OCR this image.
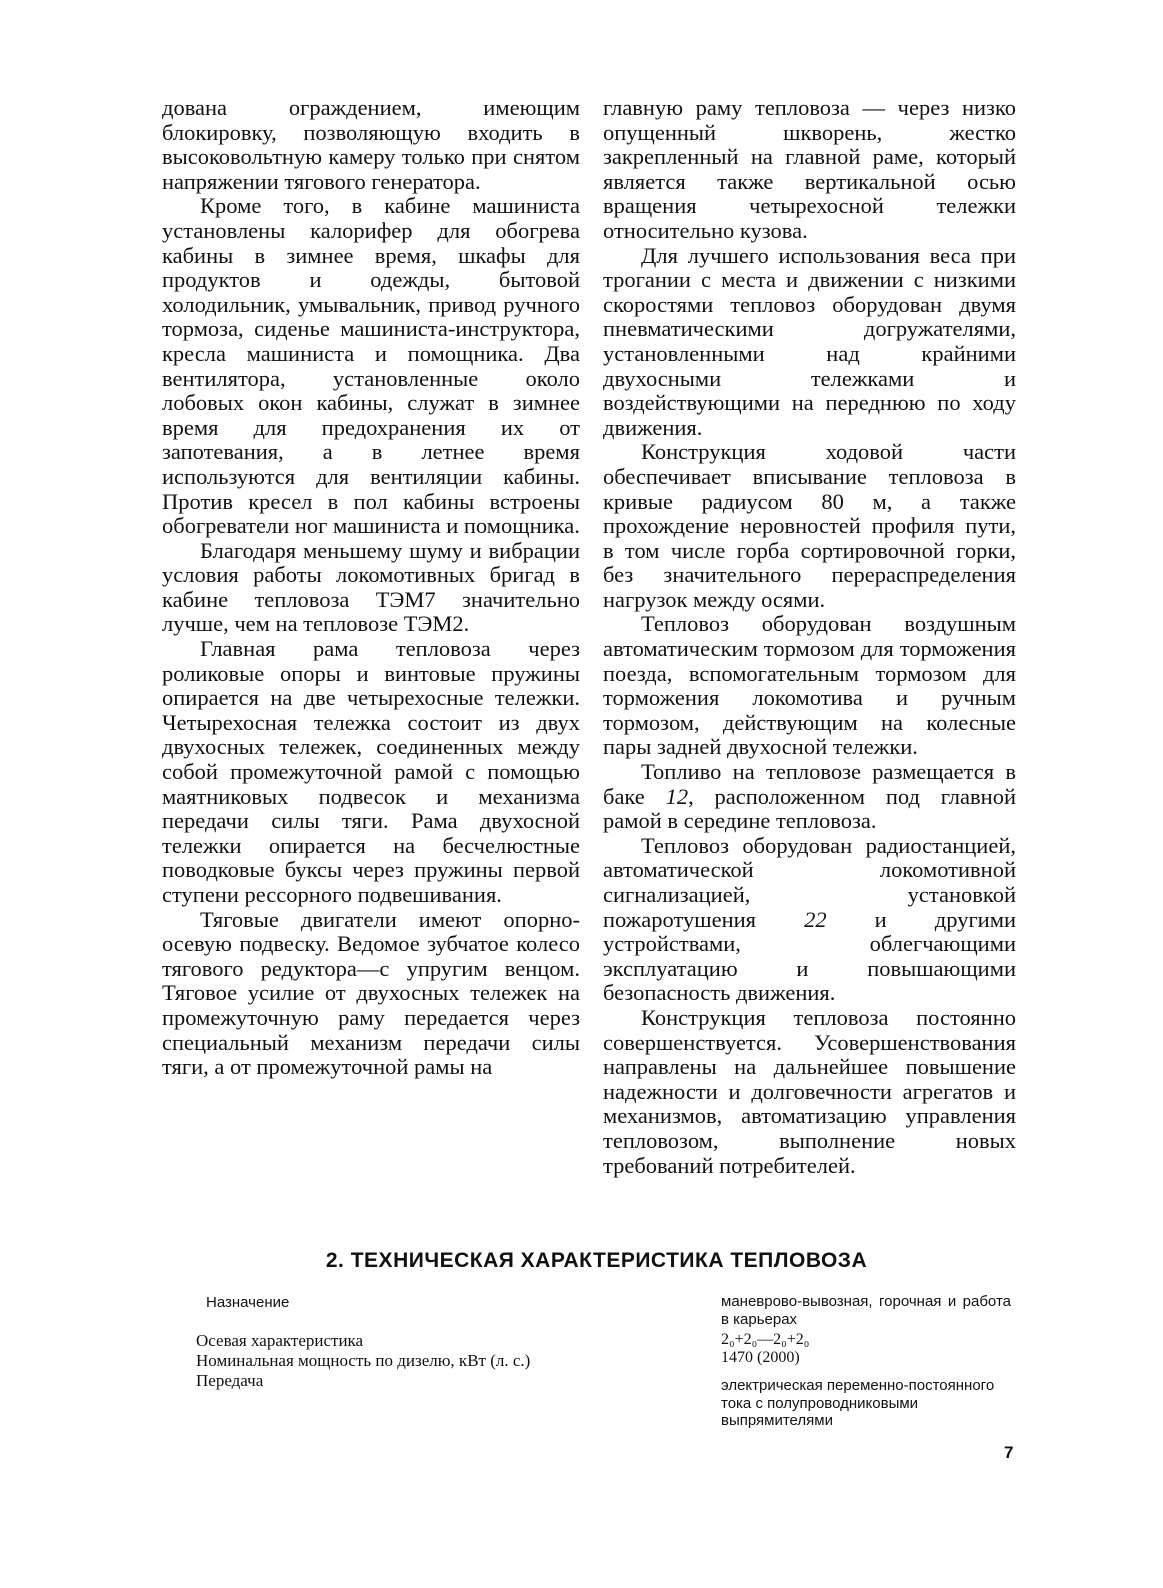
дована ограждением, имеющим блокировку, позволяющую входить в высоковольтную камеру только при снятом напряжении тягового генератора.

Кроме того, в кабине машиниста установлены калорифер для обогрева кабины в зимнее время, шкафы для продуктов и одежды, бытовой холодильник, умывальник, привод ручного тормоза, сиденье машиниста-инструктора, кресла машиниста и помощника. Два вентилятора, установленные около лобовых окон кабины, служат в зимнее время для предохранения их от запотевания, а в летнее время используются для вентиляции кабины. Против кресел в пол кабины встроены обогреватели ног машиниста и помощника.

Благодаря меньшему шуму и вибрации условия работы локомотивных бригад в кабине тепловоза ТЭМ7 значительно лучше, чем на тепловозе ТЭМ2.

Главная рама тепловоза через роликовые опоры и винтовые пружины опирается на две четырехосные тележки. Четырехосная тележка состоит из двух двухосных тележек, соединенных между собой промежуточной рамой с помощью маятниковых подвесок и механизма передачи силы тяги. Рама двухосной тележки опирается на бесчелюстные поводковые буксы через пружины первой ступени рессорного подвешивания.

Тяговые двигатели имеют опорно-осевую подвеску. Ведомое зубчатое колесо тягового редуктора—с упругим венцом. Тяговое усилие от двухосных тележек на промежуточную раму передается через специальный механизм передачи силы тяги, а от промежуточной рамы на

главную раму тепловоза — через низко опущенный шкворень, жестко закрепленный на главной раме, который является также вертикальной осью вращения четырехосной тележки относительно кузова.

Для лучшего использования веса при трогании с места и движении с низкими скоростями тепловоз оборудован двумя пневматическими догружателями, установленными над крайними двухосными тележками и воздействующими на переднюю по ходу движения.

Конструкция ходовой части обеспечивает вписывание тепловоза в кривые радиусом 80 м, а также прохождение неровностей профиля пути, в том числе горба сортировочной горки, без значительного перераспределения нагрузок между осями.

Тепловоз оборудован воздушным автоматическим тормозом для торможения поезда, вспомогательным тормозом для торможения локомотива и ручным тормозом, действующим на колесные пары задней двухосной тележки.

Топливо на тепловозе размещается в баке 12, расположенном под главной рамой в середине тепловоза.

Тепловоз оборудован радиостанцией, автоматической локомотивной сигнализацией, установкой пожаротушения 22 и другими устройствами, облегчающими эксплуатацию и повышающими безопасность движения.

Конструкция тепловоза постоянно совершенствуется. Усовершенствования направлены на дальнейшее повышение надежности и долговечности агрегатов и механизмов, автоматизацию управления тепловозом, выполнение новых требований потребителей.

2. ТЕХНИЧЕСКАЯ ХАРАКТЕРИСТИКА ТЕПЛОВОЗА
Назначение
Осевая характеристика
Номинальная мощность по дизелю, кВт (л. с.)
Передача
маневрово-вывозная, горочная и работа в карьерах
2₀+2₀—2₀+2₀
1470 (2000)
электрическая переменно-постоянного тока с полупроводниковыми выпрямителями
7
